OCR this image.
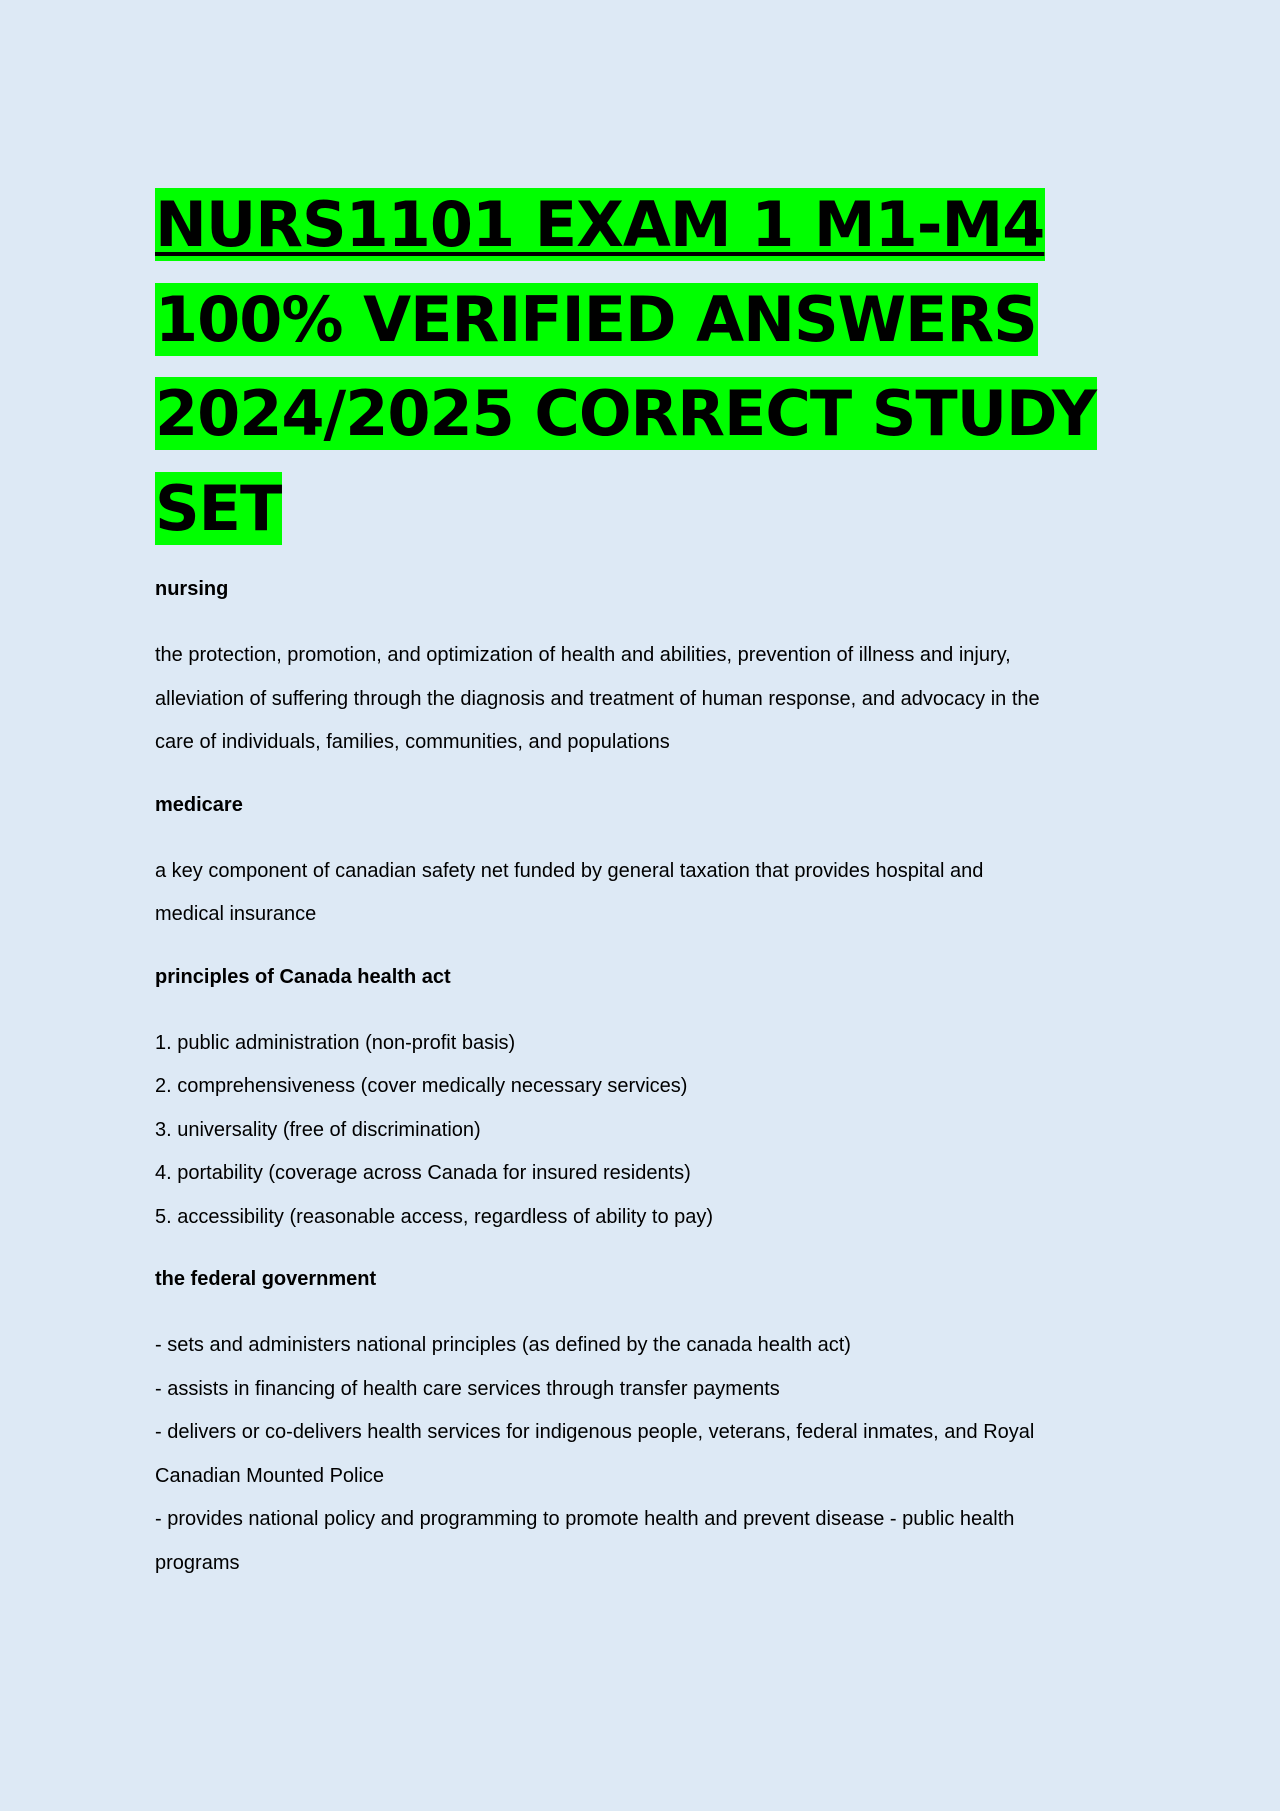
NURS1101 EXAM 1 M1-M4
100% VERIFIED ANSWERS
2024/2025 CORRECT STUDY
SET

nursing

the protection, promotion, and optimization of health and abilities, prevention of illness and injury,
alleviation of suffering through the diagnosis and treatment of human response, and advocacy in the
care of individuals, families, communities, and populations

medicare

a key component of canadian safety net funded by general taxation that provides hospital and
medical insurance

principles of Canada health act

1. public administration (non-profit basis)
2. comprehensiveness (cover medically necessary services)
3. universality (free of discrimination)
4. portability (coverage across Canada for insured residents)
5. accessibility (reasonable access, regardless of ability to pay)

the federal government

- sets and administers national principles (as defined by the canada health act)
- assists in financing of health care services through transfer payments
- delivers or co-delivers health services for indigenous people, veterans, federal inmates, and Royal
Canadian Mounted Police
- provides national policy and programming to promote health and prevent disease - public health
programs
